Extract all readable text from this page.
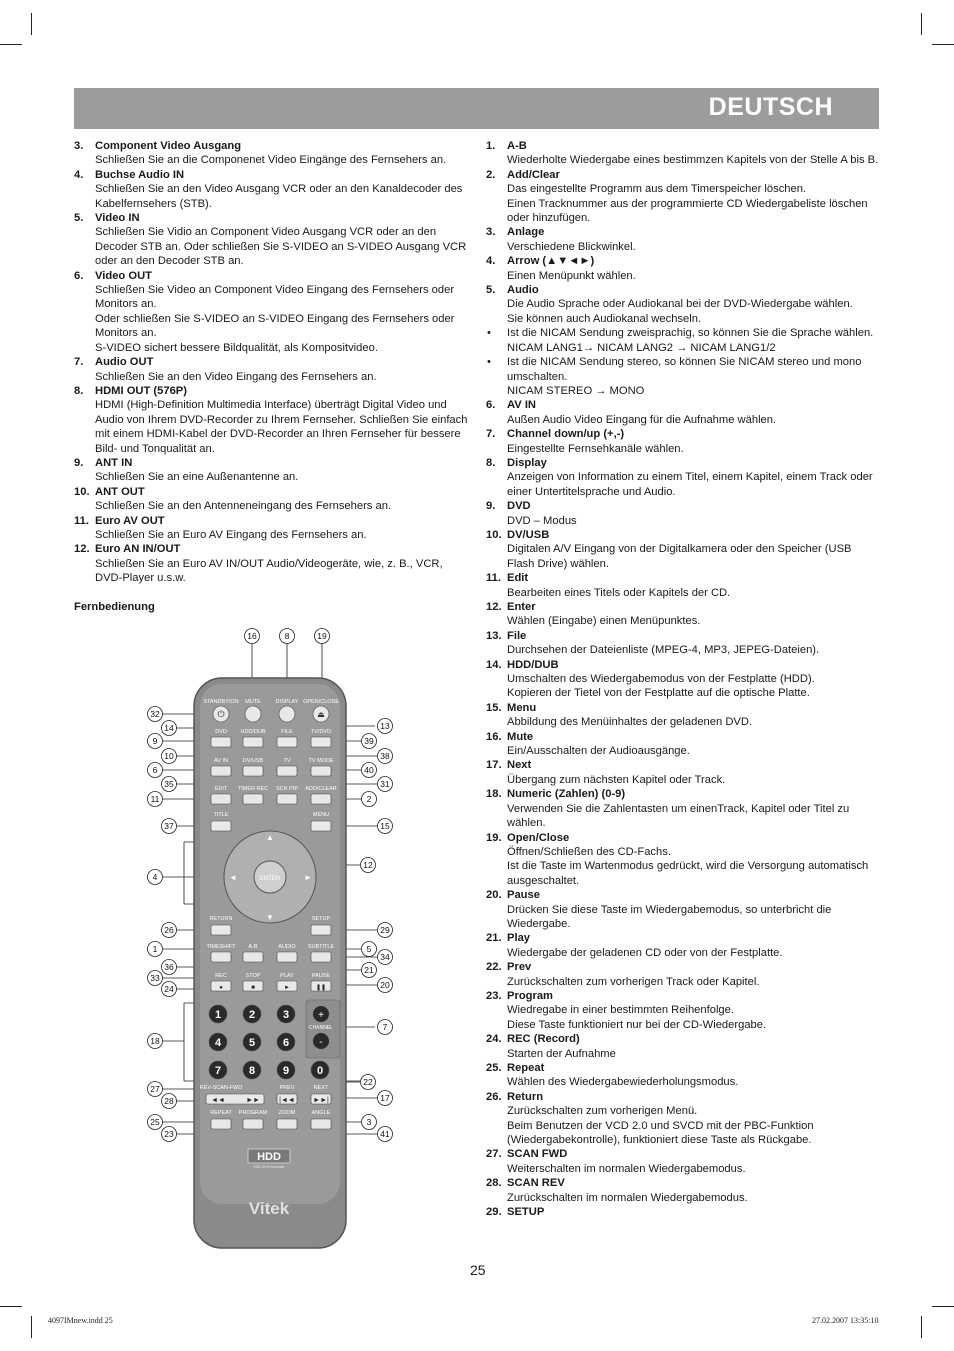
DEUTSCH
3. Component Video Ausgang
Schließen Sie an die Componenet Video Eingänge des Fernsehers an.
4. Buchse Audio IN
Schließen Sie an den Video Ausgang VCR oder an den Kanaldecoder des Kabelfernsehers (STB).
5. Video IN
Schließen Sie Vidio an Component Video Ausgang VCR oder an den Decoder STB an. Oder schließen Sie S-VIDEO an S-VIDEO Ausgang VCR oder an den Decoder STB an.
6. Video OUT
Schließen Sie Video an Component Video Eingang des Fernsehers oder Monitors an.
Oder schließen Sie S-VIDEO an S-VIDEO Eingang des Fernsehers oder Monitors an.
S-VIDEO sichert bessere Bildqualität, als Kompositvideo.
7. Audio OUT
Schließen Sie an den Video Eingang des Fernsehers an.
8. HDMI OUT (576P)
HDMI (High-Definition Multimedia Interface) überträgt Digital Video und Audio von Ihrem DVD-Recorder zu Ihrem Fernseher. Schließen Sie einfach mit einem HDMI-Kabel der DVD-Recorder an Ihren Fernseher für bessere Bild- und Tonqualität an.
9. ANT IN
Schließen Sie an eine Außenantenne an.
10. ANT OUT
Schließen Sie an den Antenneneingang des Fernsehers an.
11. Euro AV OUT
Schließen Sie an Euro AV Eingang des Fernsehers an.
12. Euro AN IN/OUT
Schließen Sie an Euro AV IN/OUT Audio/Videogeräte, wie, z. B., VCR, DVD-Player u.s.w.
Fernbedienung
1. A-B
Wiederholte Wiedergabe eines bestimmzen Kapitels von der Stelle A bis B.
2. Add/Clear
Das eingestellte Programm aus dem Timerspeicher löschen.
Einen Tracknummer aus der programmierte CD Wiedergabeliste löschen oder hinzufügen.
3. Anlage
Verschiedene Blickwinkel.
4. Arrow (▲▼◄►)
Einen Menüpunkt wählen.
5. Audio
Die Audio Sprache oder Audiokanal bei der DVD-Wiedergabe wählen.
Sie können auch Audiokanal wechseln.
• Ist die NICAM Sendung zweisprachig, so können Sie die Sprache wählen.
NICAM LANG1→ NICAM LANG2 → NICAM LANG1/2
• Ist die NICAM Sendung stereo, so können Sie NICAM stereo und mono umschalten.
NICAM STEREO → MONO
6. AV IN
Außen Audio Video Eingang für die Aufnahme wählen.
7. Channel down/up (+,-)
Eingestellte Fernsehkanäle wählen.
8. Display
Anzeigen von Information zu einem Titel, einem Kapitel, einem Track oder einer Untertitelsprache und Audio.
9. DVD
DVD – Modus
10. DV/USB
Digitalen A/V Eingang von der Digitalkamera oder den Speicher (USB Flash Drive) wählen.
11. Edit
Bearbeiten eines Titels oder Kapitels der CD.
12. Enter
Wählen (Eingabe) einen Menüpunktes.
13. File
Durchsehen der Dateienliste (MPEG-4, MP3, JEPEG-Dateien).
14. HDD/DUB
Umschalten des Wiedergabemodus von der Festplatte (HDD).
Kopieren der Tietel von der Festplatte auf die optische Platte.
15. Menu
Abbildung des Menüinhaltes der geladenen DVD.
16. Mute
Ein/Ausschalten der Audioausgänge.
17. Next
Übergang zum nächsten Kapitel oder Track.
18. Numeric (Zahlen) (0-9)
Verwenden Sie die Zahlentasten um einenTrack, Kapitel oder Titel zu wählen.
19. Open/Close
Öffnen/Schließen des CD-Fachs.
Ist die Taste im Wartenmodus gedrückt, wird die Versorgung automatisch ausgeschaltet.
20. Pause
Drücken Sie diese Taste im Wiedergabemodus, so unterbricht die Wiedergabe.
21. Play
Wiedergabe der geladenen CD oder von der Festplatte.
22. Prev
Zurückschalten zum vorherigen Track oder Kapitel.
23. Program
Wiedregabe in einer bestimmten Reihenfolge.
Diese Taste funktioniert nur bei der CD-Wiedergabe.
24. REC (Record)
Starten der Aufnahme
25. Repeat
Wählen des Wiedergabewiederholungsmodus.
26. Return
Zurückschalten zum vorherigen Menü.
Beim Benutzen der VCD 2.0 und SVCD mit der PBC-Funktion (Wiedergabekontrolle), funktioniert diese Taste als Rückgabe.
27. SCAN FWD
Weiterschalten im normalen Wiedergabemodus.
28. SCAN REV
Zurückschalten im normalen Wiedergabemodus.
29. SETUP
STANDBY/ON MUTE	DISPLAY OPEN/CLOSE
⏻	⏏
DVD HDD/DUB	FILE	TV/DVD
AV IN	DV/USB	TV	TV MODE
EDIT TIMER REC SCR PIP ADD/CLEAR
TITLE	MENU
ENTER
▲
▼
◄	►
RETURN	SETUP
TIMESHIFT A-B	AUDIO SUBTITLE
REC	STOP	PLAY	PAUSE
●	■	►	❚❚
1	2	3
4	5	6
7	8	9	0
+
CHANNEL
-
REV-SCAN-FWD	PREV	NEXT
◄◄	►►	|◄◄	►►|
REPEAT PROGRAM ZOOM	ANGLE
HDD
HDD DVD Recorder
Vitek
16	8	19
32
14	13
9	39
10	38
6	40
35	31
11	2
37	15
4
12
26	29
1	5
36
34
33
21
24	20
7
18
27
22
28	17
25	3
23	41
25
4097IMnew.indd 25	27.02.2007 13:35:10
